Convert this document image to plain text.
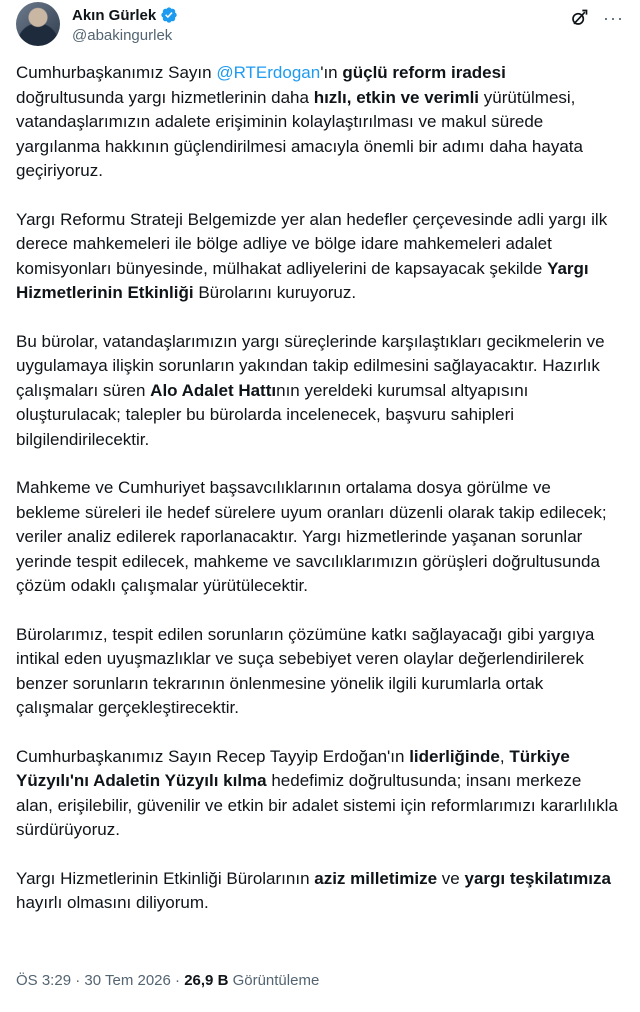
Akın Gürlek
@abakingurlek
···

Cumhurbaşkanımız Sayın @RTErdogan'ın güçlü reform iradesi doğrultusunda yargı hizmetlerinin daha hızlı, etkin ve verimli yürütülmesi, vatandaşlarımızın adalete erişiminin kolaylaştırılması ve makul sürede yargılanma hakkının güçlendirilmesi amacıyla önemli bir adımı daha hayata geçiriyoruz.

Yargı Reformu Strateji Belgemizde yer alan hedefler çerçevesinde adli yargı ilk derece mahkemeleri ile bölge adliye ve bölge idare mahkemeleri adalet komisyonları bünyesinde, mülhakat adliyelerini de kapsayacak şekilde Yargı Hizmetlerinin Etkinliği Bürolarını kuruyoruz.

Bu bürolar, vatandaşlarımızın yargı süreçlerinde karşılaştıkları gecikmelerin ve uygulamaya ilişkin sorunların yakından takip edilmesini sağlayacaktır. Hazırlık çalışmaları süren Alo Adalet Hattının yereldeki kurumsal altyapısını oluşturulacak; talepler bu bürolarda incelenecek, başvuru sahipleri bilgilendirilecektir.

Mahkeme ve Cumhuriyet başsavcılıklarının ortalama dosya görülme ve bekleme süreleri ile hedef sürelere uyum oranları düzenli olarak takip edilecek; veriler analiz edilerek raporlanacaktır. Yargı hizmetlerinde yaşanan sorunlar yerinde tespit edilecek, mahkeme ve savcılıklarımızın görüşleri doğrultusunda çözüm odaklı çalışmalar yürütülecektir.

Bürolarımız, tespit edilen sorunların çözümüne katkı sağlayacağı gibi yargıya intikal eden uyuşmazlıklar ve suça sebebiyet veren olaylar değerlendirilerek benzer sorunların tekrarının önlenmesine yönelik ilgili kurumlarla ortak çalışmalar gerçekleştirecektir.

Cumhurbaşkanımız Sayın Recep Tayyip Erdoğan'ın liderliğinde, Türkiye Yüzyılı'nı Adaletin Yüzyılı kılma hedefimiz doğrultusunda; insanı merkeze alan, erişilebilir, güvenilir ve etkin bir adalet sistemi için reformlarımızı kararlılıkla sürdürüyoruz.

Yargı Hizmetlerinin Etkinliği Bürolarının aziz milletimize ve yargı teşkilatımıza hayırlı olmasını diliyorum.

ÖS 3:29 · 30 Tem 2026 · 26,9 B Görüntüleme
